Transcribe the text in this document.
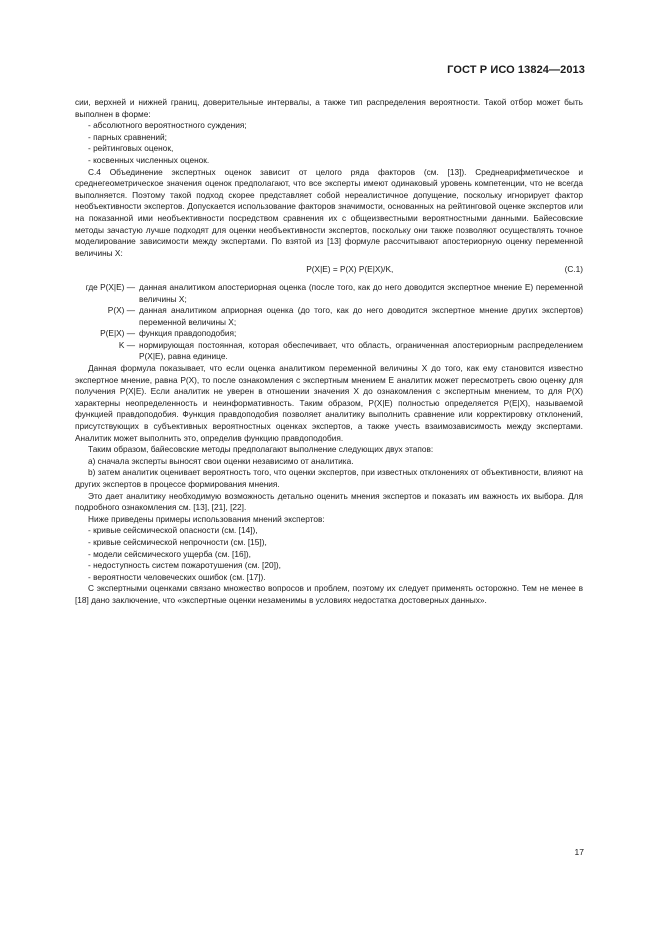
ГОСТ Р ИСО 13824—2013

сии, верхней и нижней границ, доверительные интервалы, а также тип распределения вероятности. Такой отбор может быть выполнен в форме:

- абсолютного вероятностного суждения;
- парных сравнений;
- рейтинговых оценок,
- косвенных численных оценок.

С.4 Объединение экспертных оценок зависит от целого ряда факторов (см. [13]). Среднеарифметическое и среднегеометрическое значения оценок предполагают, что все эксперты имеют одинаковый уровень компетенции, что не всегда выполняется. Поэтому такой подход скорее представляет собой нереалистичное допущение, поскольку игнорирует фактор необъективности экспертов. Допускается использование факторов значимости, основанных на рейтинговой оценке экспертов или на показанной ими необъективности посредством сравнения их с общеизвестными вероятностными данными. Байесовские методы зачастую лучше подходят для оценки необъективности экспертов, поскольку они также позволяют осуществлять точное моделирование зависимости между экспертами. По взятой из [13] формуле рассчитывают апостериорную оценку переменной величины X:

P(X|E) = P(X) P(E|X)/K,	(C.1)
где P(X|E) — данная аналитиком апостериорная оценка (после того, как до него доводится экспертное мнение E) переменной величины X;
P(X) — данная аналитиком априорная оценка (до того, как до него доводится экспертное мнение других экспертов) переменной величины X;
P(E|X) — функция правдоподобия;
K — нормирующая постоянная, которая обеспечивает, что область, ограниченная апостериорным распределением P(X|E), равна единице.

Данная формула показывает, что если оценка аналитиком переменной величины X до того, как ему становится известно экспертное мнение, равна P(X), то после ознакомления с экспертным мнением E аналитик может пересмотреть свою оценку для получения P(X|E). Если аналитик не уверен в отношении значения X до ознакомления с экспертным мнением, то для P(X) характерны неопределенность и неинформативность. Таким образом, P(X|E) полностью определяется P(E|X), называемой функцией правдоподобия. Функция правдоподобия позволяет аналитику выполнить сравнение или корректировку отклонений, присутствующих в субъективных вероятностных оценках экспертов, а также учесть взаимозависимость между экспертами. Аналитик может выполнить это, определив функцию правдоподобия.

Таким образом, байесовские методы предполагают выполнение следующих двух этапов:

a) сначала эксперты выносят свои оценки независимо от аналитика.

b) затем аналитик оценивает вероятность того, что оценки экспертов, при известных отклонениях от объективности, влияют на других экспертов в процессе формирования мнения.

Это дает аналитику необходимую возможность детально оценить мнения экспертов и показать им важность их выбора. Для подробного ознакомления см. [13], [21], [22].

Ниже приведены примеры использования мнений экспертов:

- кривые сейсмической опасности (см. [14]),
- кривые сейсмической непрочности (см. [15]),
- модели сейсмического ущерба (см. [16]),
- недоступность систем пожаротушения (см. [20]),
- вероятности человеческих ошибок (см. [17]).

С экспертными оценками связано множество вопросов и проблем, поэтому их следует применять осторожно. Тем не менее в [18] дано заключение, что «экспертные оценки незаменимы в условиях недостатка достоверных данных».

17
